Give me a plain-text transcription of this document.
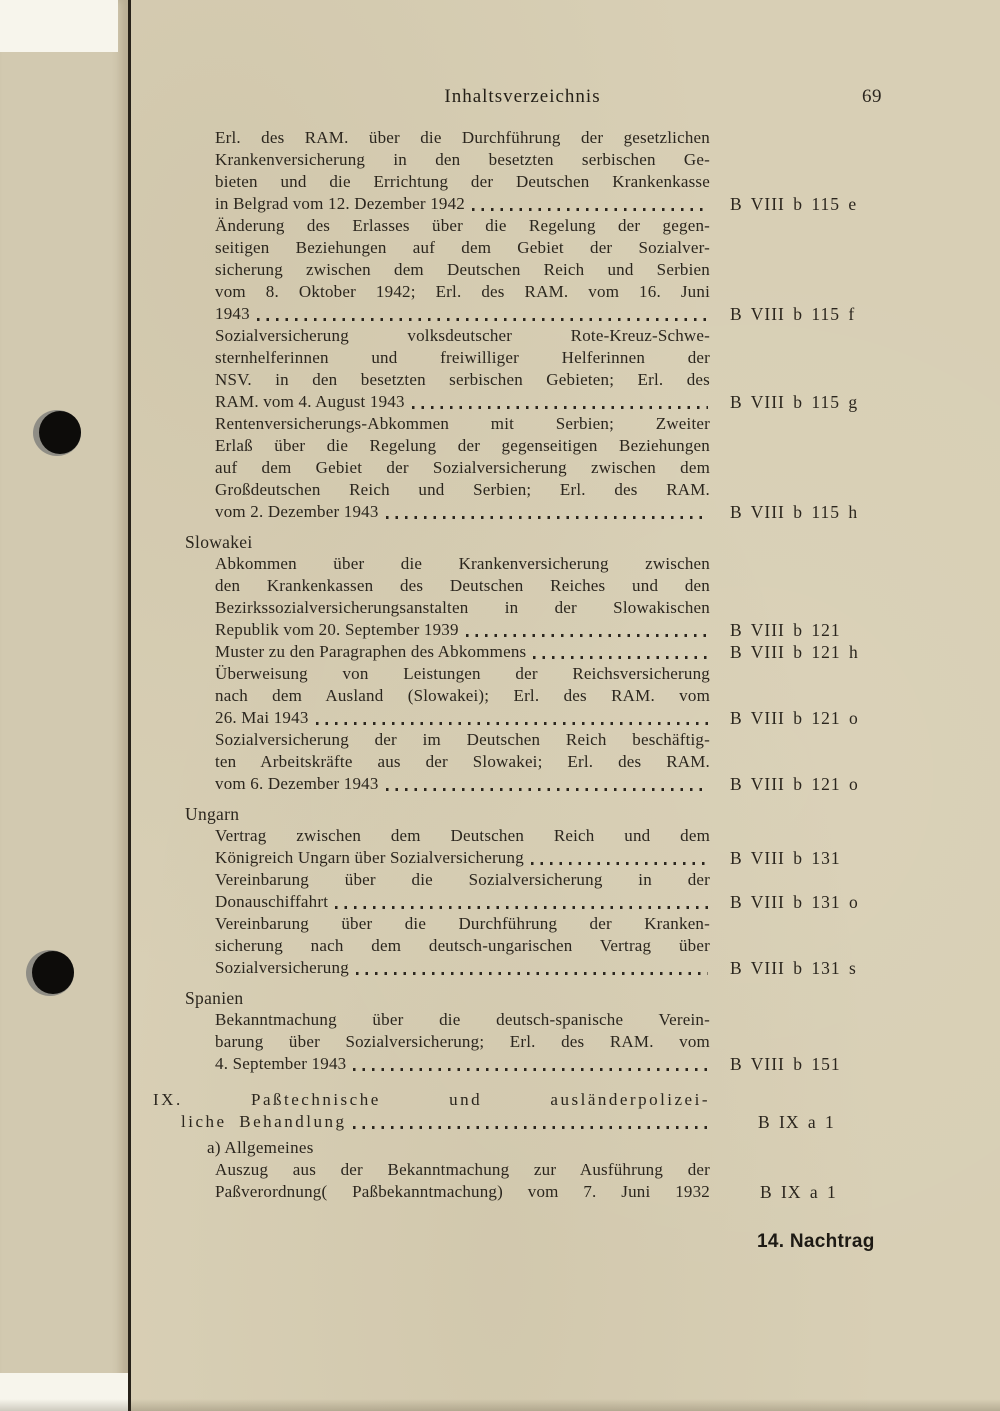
Inhaltsverzeichnis	69
Erl. des RAM. über die Durchführung der gesetzlichen
Krankenversicherung in den besetzten serbischen Ge-
bieten und die Errichtung der Deutschen Krankenkasse
in Belgrad vom 12. Dezember 1942	B VIII b 115 e
Änderung des Erlasses über die Regelung der gegen-
seitigen Beziehungen auf dem Gebiet der Sozialver-
sicherung zwischen dem Deutschen Reich und Serbien
vom 8. Oktober 1942; Erl. des RAM. vom 16. Juni
1943	B VIII b 115 f
Sozialversicherung volksdeutscher Rote-Kreuz-Schwe-
sternhelferinnen und freiwilliger Helferinnen der
NSV. in den besetzten serbischen Gebieten; Erl. des
RAM. vom 4. August 1943	B VIII b 115 g
Rentenversicherungs-Abkommen mit Serbien; Zweiter
Erlaß über die Regelung der gegenseitigen Beziehungen
auf dem Gebiet der Sozialversicherung zwischen dem
Großdeutschen Reich und Serbien; Erl. des RAM.
vom 2. Dezember 1943	B VIII b 115 h
Slowakei
Abkommen über die Krankenversicherung zwischen
den Krankenkassen des Deutschen Reiches und den
Bezirkssozialversicherungsanstalten in der Slowakischen
Republik vom 20. September 1939	B VIII b 121
Muster zu den Paragraphen des Abkommens	B VIII b 121 h
Überweisung von Leistungen der Reichsversicherung
nach dem Ausland (Slowakei); Erl. des RAM. vom
26. Mai 1943	B VIII b 121 o
Sozialversicherung der im Deutschen Reich beschäftig-
ten Arbeitskräfte aus der Slowakei; Erl. des RAM.
vom 6. Dezember 1943	B VIII b 121 o
Ungarn
Vertrag zwischen dem Deutschen Reich und dem
Königreich Ungarn über Sozialversicherung	B VIII b 131
Vereinbarung über die Sozialversicherung in der
Donauschiffahrt	B VIII b 131 o
Vereinbarung über die Durchführung der Kranken-
sicherung nach dem deutsch-ungarischen Vertrag über
Sozialversicherung	B VIII b 131 s
Spanien
Bekanntmachung über die deutsch-spanische Verein-
barung über Sozialversicherung; Erl. des RAM. vom
4. September 1943	B VIII b 151
IX. Paßtechnische und ausländerpolizei-
liche Behandlung	B IX a 1
a) Allgemeines
Auszug aus der Bekanntmachung zur Ausführung der
Paßverordnung( Paßbekanntmachung) vom 7. Juni 1932	B IX a 1
14. Nachtrag
